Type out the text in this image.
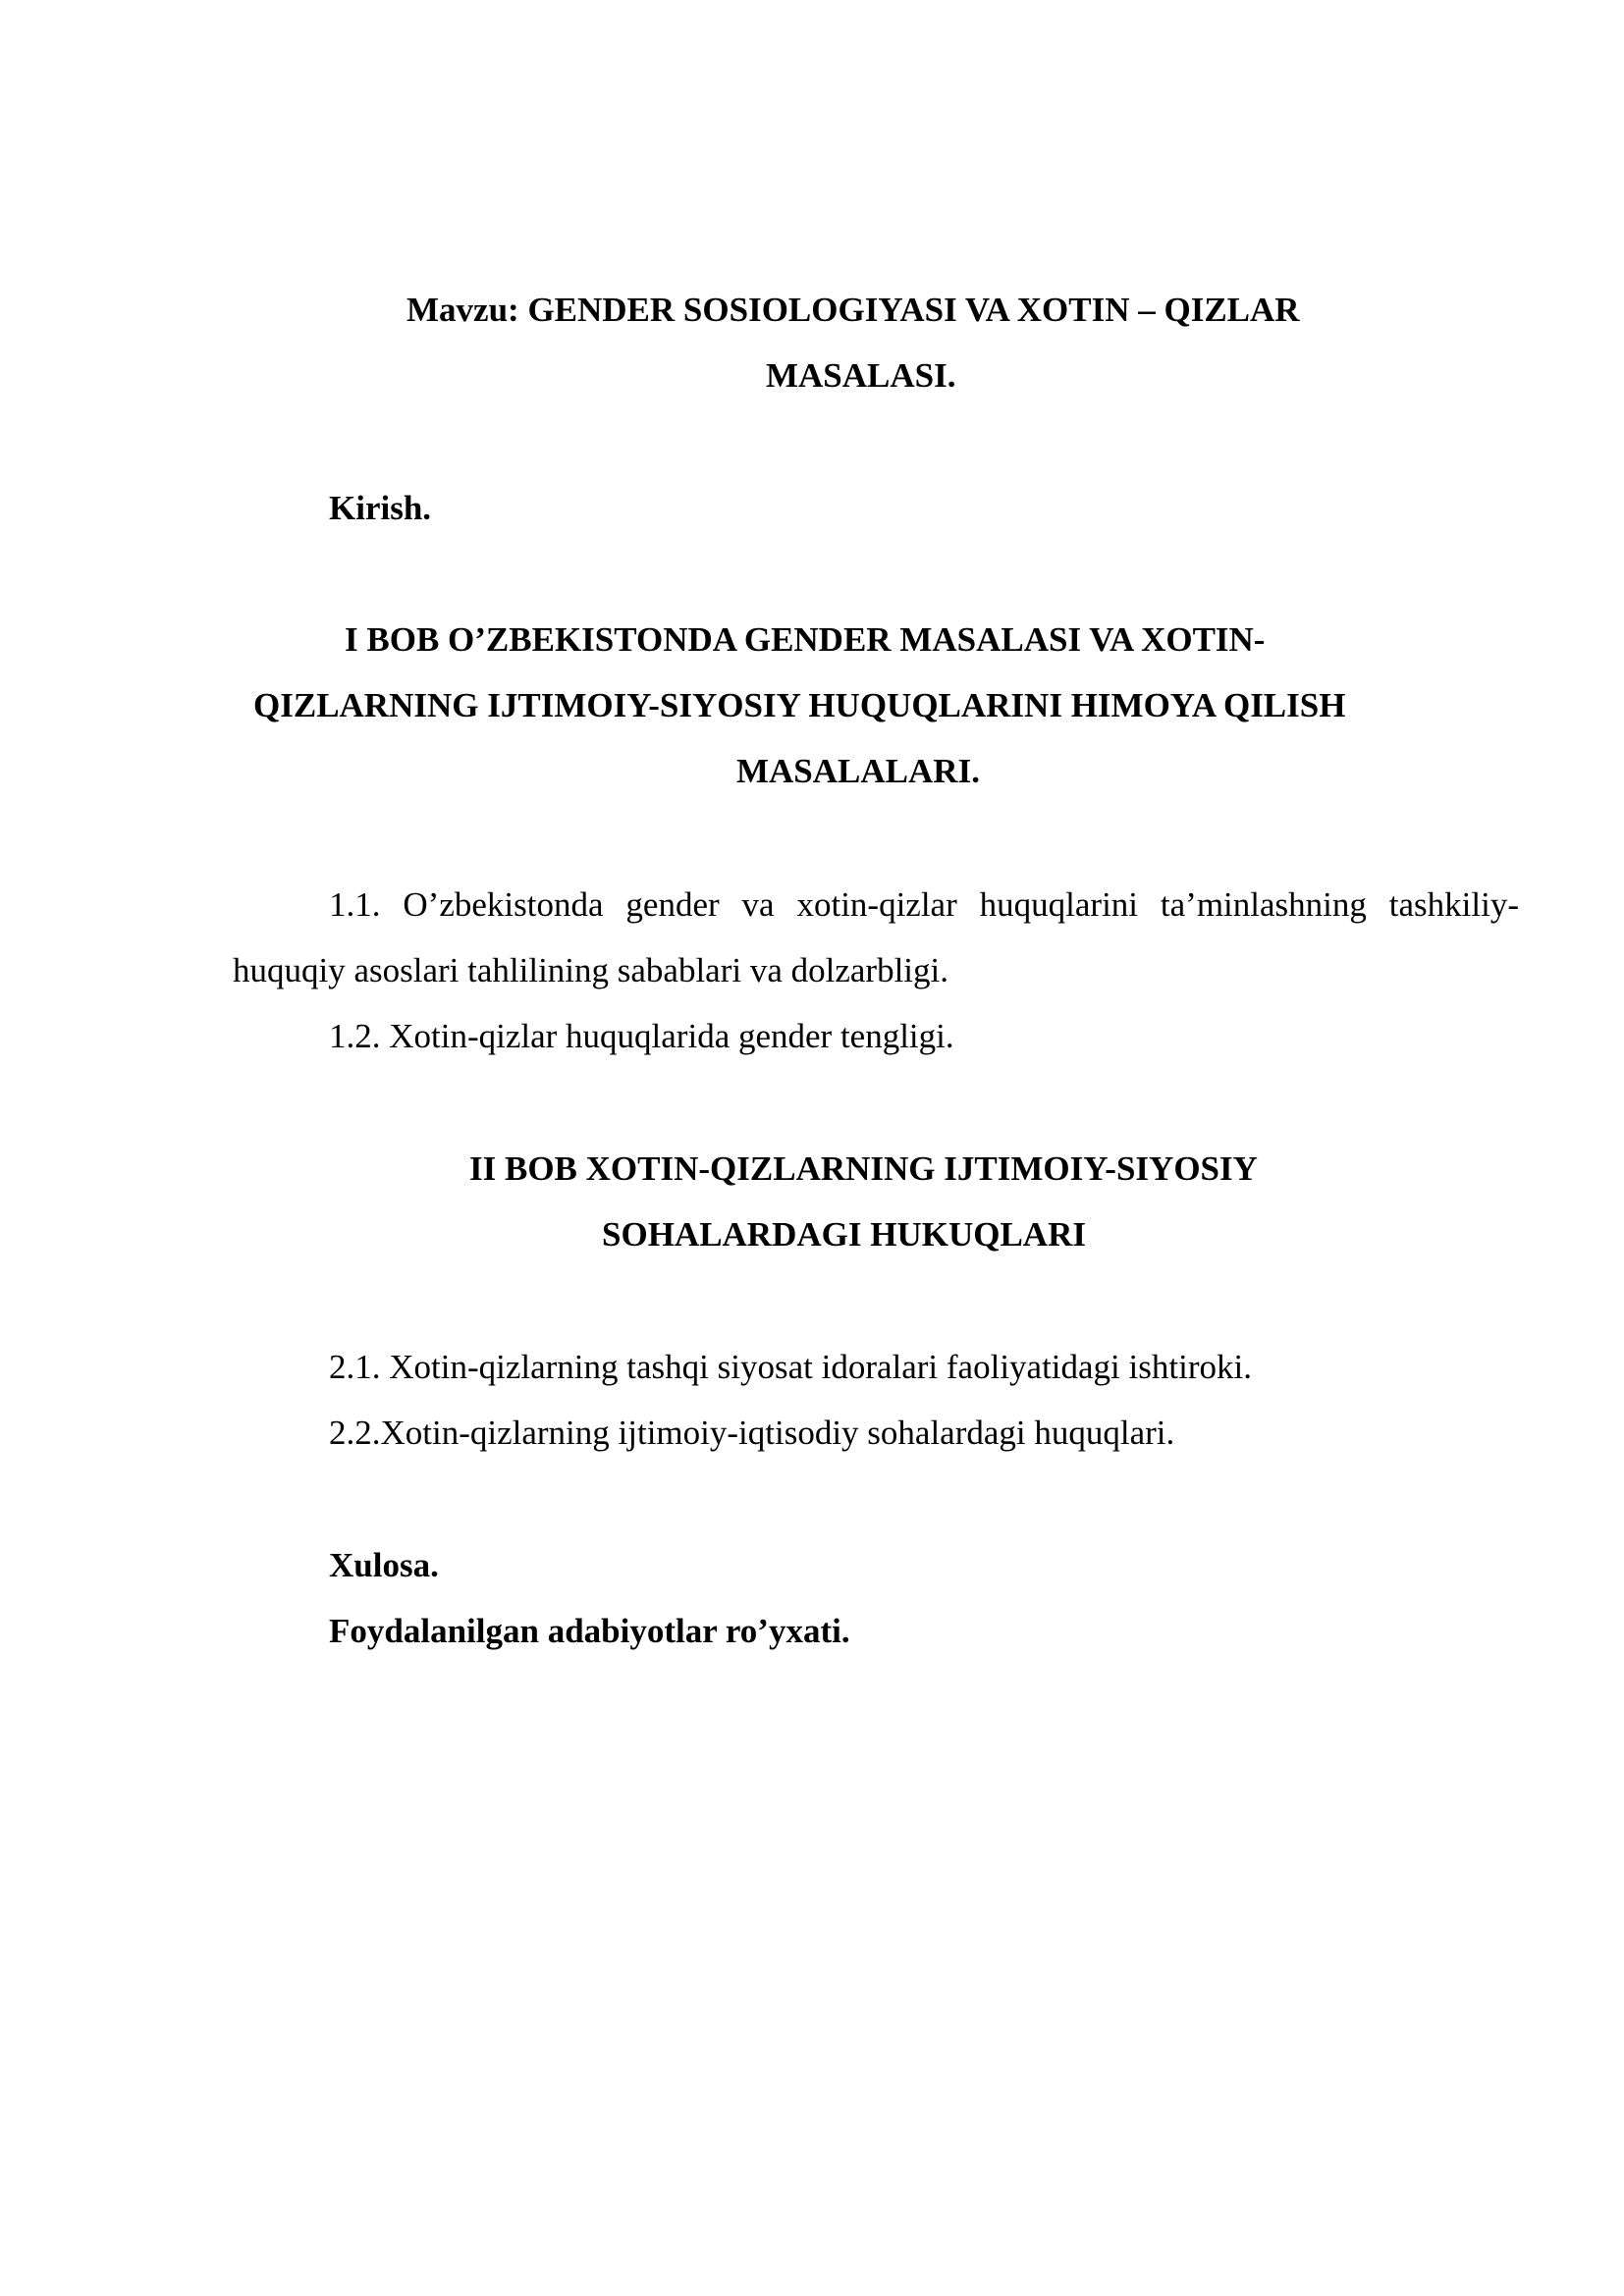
Mavzu: GENDER SOSIOLOGIYASI VA XOTIN – QIZLAR

MASALASI.

Kirish.

I BOB O’ZBEKISTONDA GENDER MASALASI VA XOTIN-

QIZLARNING IJTIMOIY-SIYOSIY HUQUQLARINI HIMOYA QILISH

MASALALARI.

1.1. O’zbekistonda gender va xotin-qizlar huquqlarini ta’minlashning tashkiliy-huquqiy asoslari tahlilining sabablari va dolzarbligi.

1.2. Xotin-qizlar huquqlarida gender tengligi.

II BOB XOTIN-QIZLARNING IJTIMOIY-SIYOSIY

SOHALARDAGI HUKUQLARI

2.1. Xotin-qizlarning tashqi siyosat idoralari faoliyatidagi ishtiroki.

2.2.Xotin-qizlarning ijtimoiy-iqtisodiy sohalardagi huquqlari.

Xulosa.

Foydalanilgan adabiyotlar ro’yxati.
